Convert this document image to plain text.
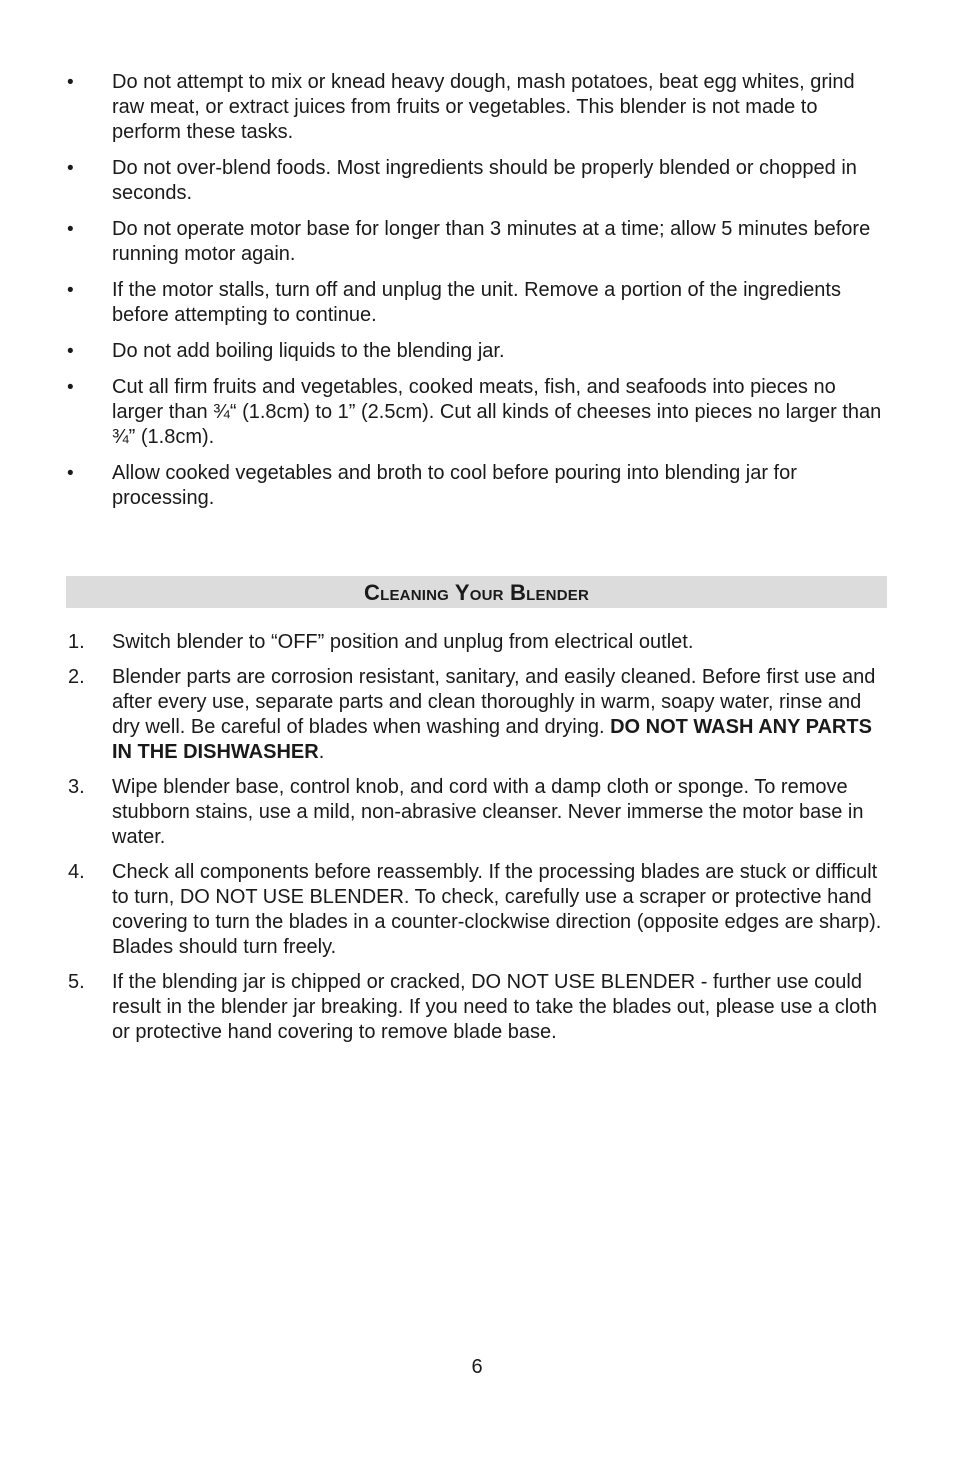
•	Do not attempt to mix or knead heavy dough, mash potatoes, beat egg whites, grind raw meat, or extract juices from fruits or vegetables. This blender is not made to perform these tasks.
•	Do not over-blend foods. Most ingredients should be properly blended or chopped in seconds.
•	Do not operate motor base for longer than 3 minutes at a time; allow 5 minutes before running motor again.
•	If the motor stalls, turn off and unplug the unit. Remove a portion of the ingredients before attempting to continue.
•	Do not add boiling liquids to the blending jar.
•	Cut all firm fruits and vegetables, cooked meats, fish, and seafoods into pieces no larger than ¾“ (1.8cm) to 1” (2.5cm). Cut all kinds of cheeses into pieces no larger than ¾” (1.8cm).
•	Allow cooked vegetables and broth to cool before pouring into blending jar for processing.
Cleaning Your Blender
1. Switch blender to “OFF” position and unplug from electrical outlet.
2. Blender parts are corrosion resistant, sanitary, and easily cleaned. Before first use and after every use, separate parts and clean thoroughly in warm, soapy water, rinse and dry well. Be careful of blades when washing and drying. DO NOT WASH ANY PARTS IN THE DISHWASHER.
3. Wipe blender base, control knob, and cord with a damp cloth or sponge. To remove stubborn stains, use a mild, non-abrasive cleanser. Never immerse the motor base in water.
4. Check all components before reassembly. If the processing blades are stuck or difficult to turn, DO NOT USE BLENDER. To check, carefully use a scraper or protective hand covering to turn the blades in a counter-clockwise direction (opposite edges are sharp). Blades should turn freely.
5. If the blending jar is chipped or cracked, DO NOT USE BLENDER - further use could result in the blender jar breaking. If you need to take the blades out, please use a cloth or protective hand covering to remove blade base.
6
